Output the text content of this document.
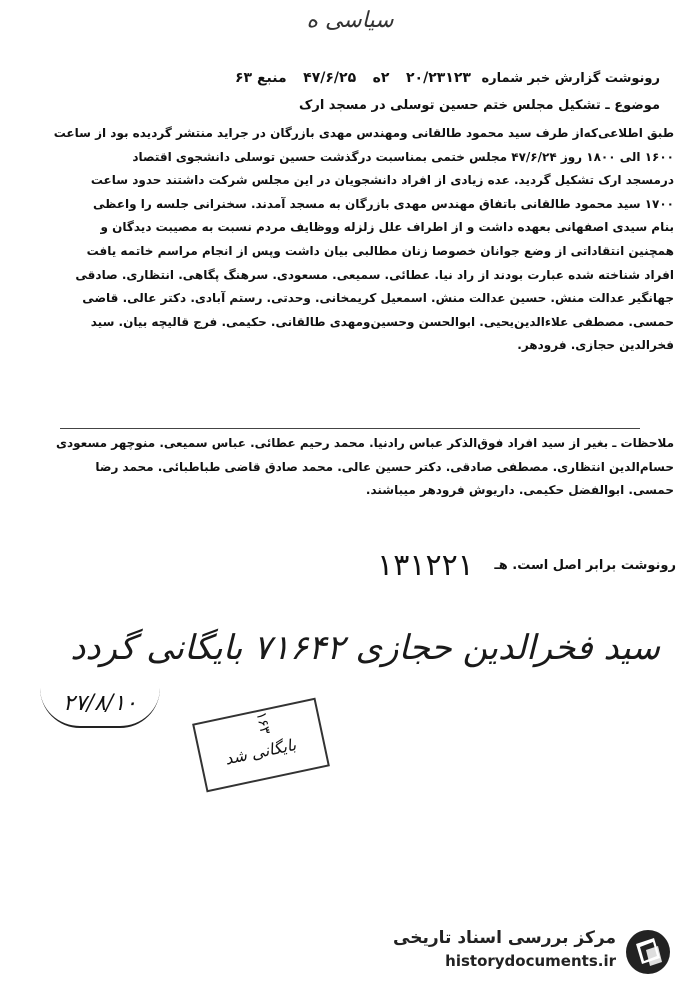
سیاسی ه
رونوشت گزارش خبر شماره ۲۰/۲۳۱۲۳ ۲ه ۴۷/۶/۲۵ منبع ۶۳
موضوع ـ تشکیل مجلس ختم حسین توسلی در مسجد ارک
طبق اطلاعی‌که‌از طرف سید محمود طالقانی ومهندس مهدی بازرگان در جراید منتشر گردیده بود از ساعت
۱۶۰۰ الی ۱۸۰۰ روز ۴۷/۶/۲۴ مجلس ختمی بمناسبت درگذشت حسین توسلی دانشجوی اقتصاد
درمسجد ارک تشکیل گردید. عده زیادی از افراد دانشجویان در این مجلس شرکت داشتند حدود ساعت
۱۷۰۰ سید محمود طالقانی باتفاق مهندس مهدی بازرگان به مسجد آمدند. سخنرانی جلسه را واعظی
بنام سیدی اصفهانی بعهده داشت و از اطراف علل زلزله ووظایف مردم نسبت به مصیبت دیدگان و
همچنین انتقاداتی از وضع جوانان خصوصا زنان مطالبی بیان داشت وپس از انجام مراسم خاتمه یافت
افراد شناخته شده عبارت بودند از راد نیا. عطائی. سمیعی. مسعودی. سرهنگ پگاهی. انتظاری. صادقی
جهانگیر عدالت منش. حسین عدالت منش. اسمعیل کریمخانی. وحدتی. رستم آبادی. دکتر عالی. قاضی
حمسی. مصطفی علاءالدین‌یحیی. ابوالحسن وحسین‌ومهدی طالقانی. حکیمی. فرج قالیچه بیان. سید
فخرالدین حجازی. فرودهر.
ملاحظات ـ بغیر از سید افراد فوق‌الذکر عباس رادنیا. محمد رحیم عطائی. عباس سمیعی. منوچهر مسعودی
حسام‌الدین انتظاری. مصطفی صادقی. دکتر حسین عالی. محمد صادق قاضی طباطبائی. محمد رضا
حمسی. ابوالفضل حکیمی. داریوش فرودهر میباشند.
رونوشت برابر اصل است. هـ ۱۳۱۲۲۱
سید فخرالدین حجازی ۷۱۶۴۲ بایگانی گردد
۲۷/۸/۱۰
۱۶۳
بایگانی شد
مرکز بررسی اسناد تاریخی
historydocuments.ir
